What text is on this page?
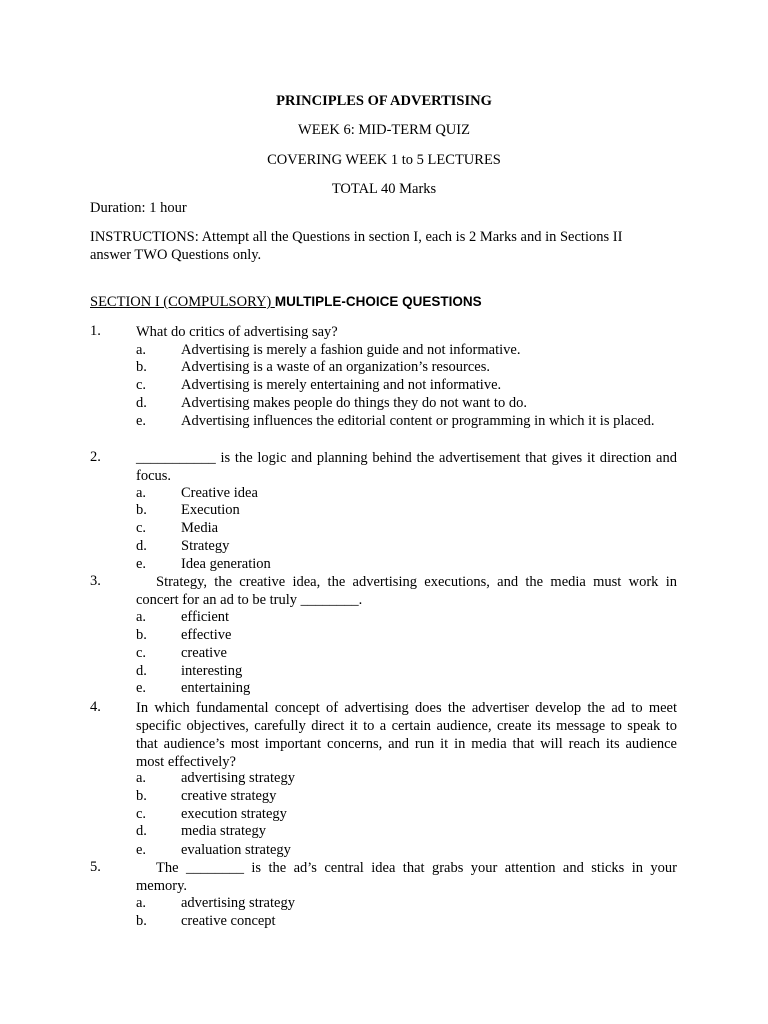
PRINCIPLES OF ADVERTISING
WEEK 6: MID-TERM QUIZ
COVERING WEEK 1 to 5 LECTURES
TOTAL 40 Marks
Duration: 1 hour
INSTRUCTIONS: Attempt all the Questions in section I, each is 2 Marks and in Sections II
answer TWO Questions only.
SECTION I (COMPULSORY) MULTIPLE-CHOICE QUESTIONS
1. What do critics of advertising say?
a. Advertising is merely a fashion guide and not informative.
b. Advertising is a waste of an organization’s resources.
c. Advertising is merely entertaining and not informative.
d. Advertising makes people do things they do not want to do.
e. Advertising influences the editorial content or programming in which it is placed.
2. ___________ is the logic and planning behind the advertisement that gives it direction and focus.
a. Creative idea
b. Execution
c. Media
d. Strategy
e. Idea generation
3.	Strategy, the creative idea, the advertising executions, and the media must work in concert for an ad to be truly ________.
a. efficient
b. effective
c. creative
d. interesting
e. entertaining
4. In which fundamental concept of advertising does the advertiser develop the ad to meet specific objectives, carefully direct it to a certain audience, create its message to speak to that audience’s most important concerns, and run it in media that will reach its audience most effectively?
a. advertising strategy
b. creative strategy
c. execution strategy
d. media strategy
e. evaluation strategy
5.	The ________ is the ad’s central idea that grabs your attention and sticks in your memory.
a. advertising strategy
b. creative concept
